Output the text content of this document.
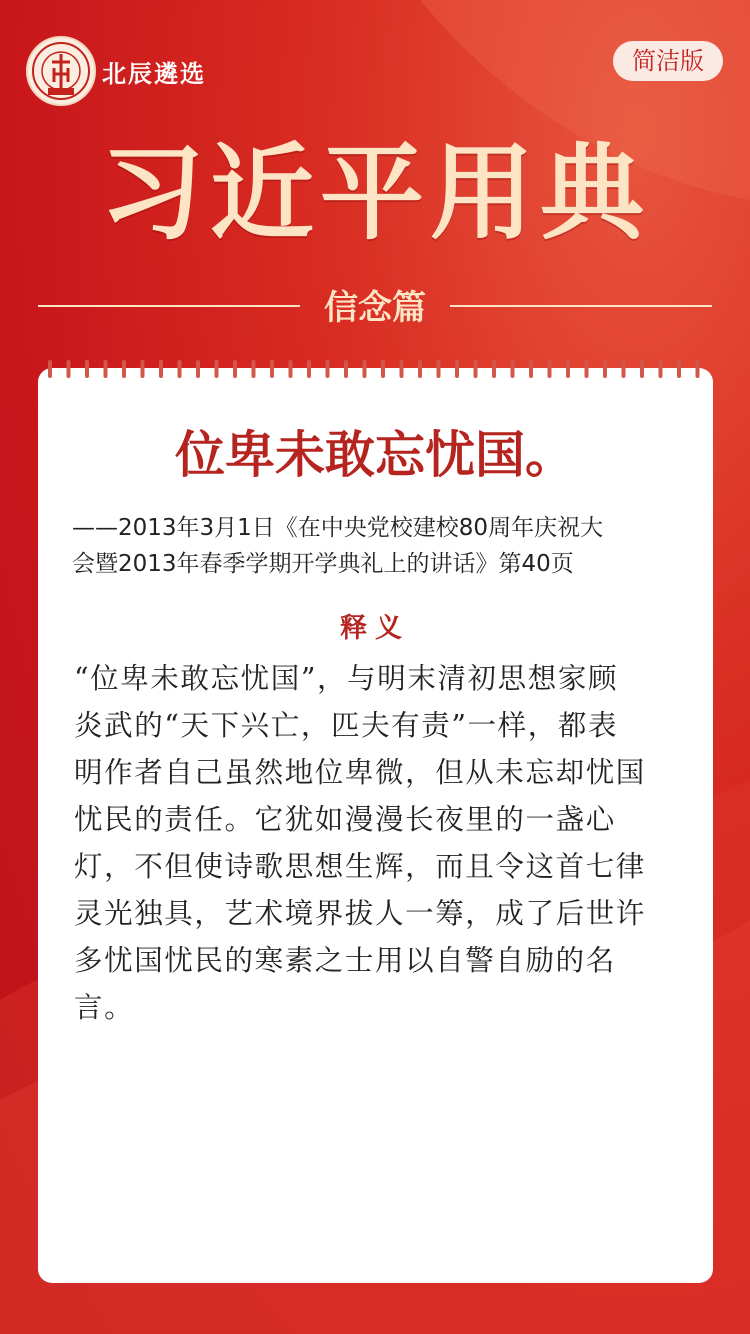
北辰遴选	简洁版
习近平用典
信念篇
位卑未敢忘忧国。
——2013年3月1日《在中央党校建校80周年庆祝大
会暨2013年春季学期开学典礼上的讲话》第40页
释义
“位卑未敢忘忧国”，与明末清初思想家顾
炎武的“天下兴亡，匹夫有责”一样，都表
明作者自己虽然地位卑微，但从未忘却忧国
忧民的责任。它犹如漫漫长夜里的一盏心
灯，不但使诗歌思想生辉，而且令这首七律
灵光独具，艺术境界拔人一筹，成了后世许
多忧国忧民的寒素之士用以自警自励的名
言。
